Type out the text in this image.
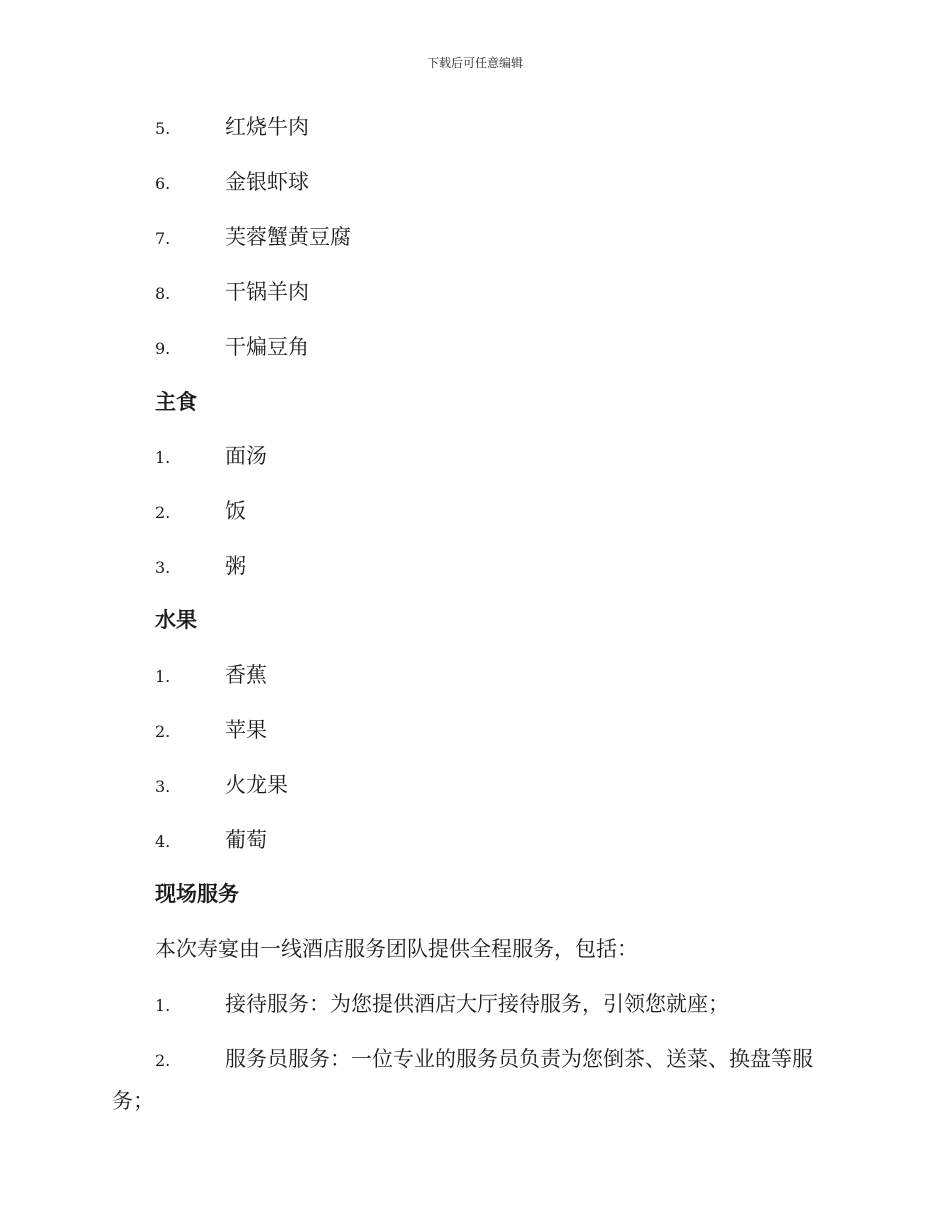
下载后可任意编辑
5.	红烧牛肉
6.	金银虾球
7.	芙蓉蟹黄豆腐
8.	干锅羊肉
9.	干煸豆角
主食
1.	面汤
2.	饭
3.	粥
水果
1.	香蕉
2.	苹果
3.	火龙果
4.	葡萄
现场服务
本次寿宴由一线酒店服务团队提供全程服务，包括：
1.	接待服务：为您提供酒店大厅接待服务，引领您就座；
2.	服务员服务：一位专业的服务员负责为您倒茶、送菜、换盘等服
务；
